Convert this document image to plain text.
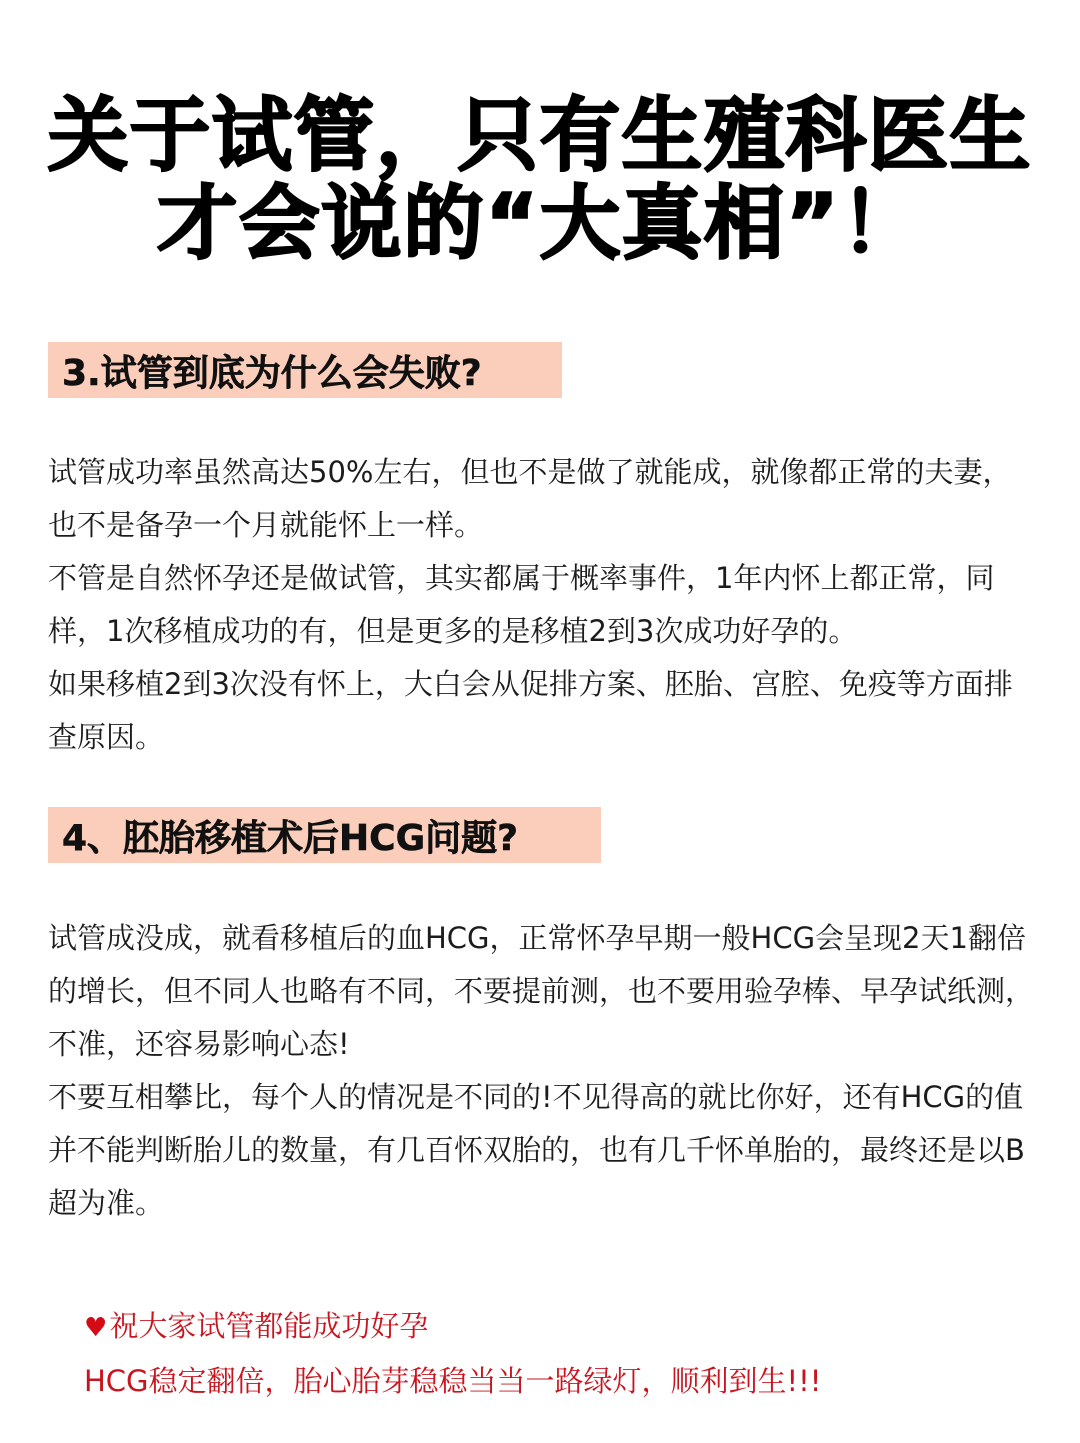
关于试管，只有生殖科医生
才会说的“大真相”！
3.试管到底为什么会失败?

试管成功率虽然高达50%左右，但也不是做了就能成，就像都正常的夫妻，也不是备孕一个月就能怀上一样。

不管是自然怀孕还是做试管，其实都属于概率事件，1年内怀上都正常，同样，1次移植成功的有，但是更多的是移植2到3次成功好孕的。

如果移植2到3次没有怀上，大白会从促排方案、胚胎、宫腔、免疫等方面排查原因。

4、胚胎移植术后HCG问题?

试管成没成，就看移植后的血HCG，正常怀孕早期一般HCG会呈现2天1翻倍的增长，但不同人也略有不同，不要提前测，也不要用验孕棒、早孕试纸测，不准，还容易影响心态!

不要互相攀比，每个人的情况是不同的!不见得高的就比你好，还有HCG的值并不能判断胎儿的数量，有几百怀双胎的，也有几千怀单胎的，最终还是以B超为准。

♥祝大家试管都能成功好孕

HCG稳定翻倍，胎心胎芽稳稳当当一路绿灯，顺利到生!!!
